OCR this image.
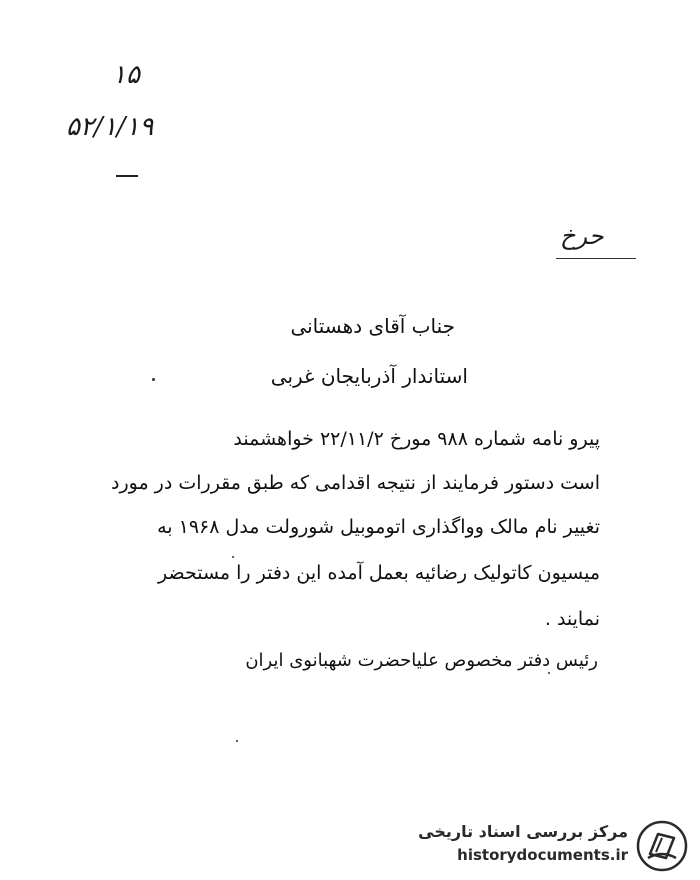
۱۵
۵۲/۱/۱۹
حرخ
جناب آقای دهستانی
استاندار آذربایجان غربی
پیرو نامه شماره ۹۸۸ مورخ ۲۲/۱۱/۲ خواهشمند
است دستور فرمایند از نتیجه اقدامی که طبق مقررات در مورد
تغییر نام مالک وواگذاری اتوموبیل شورولت مدل ۱۹۶۸ به
میسیون کاتولیک رضائیه بعمل آمده این دفتر را مستحضر
نمایند .
رئیس دفتر مخصوص علیاحضرت شهبانوی ایران
مرکز بررسی اسناد تاریخی
historydocuments.ir
